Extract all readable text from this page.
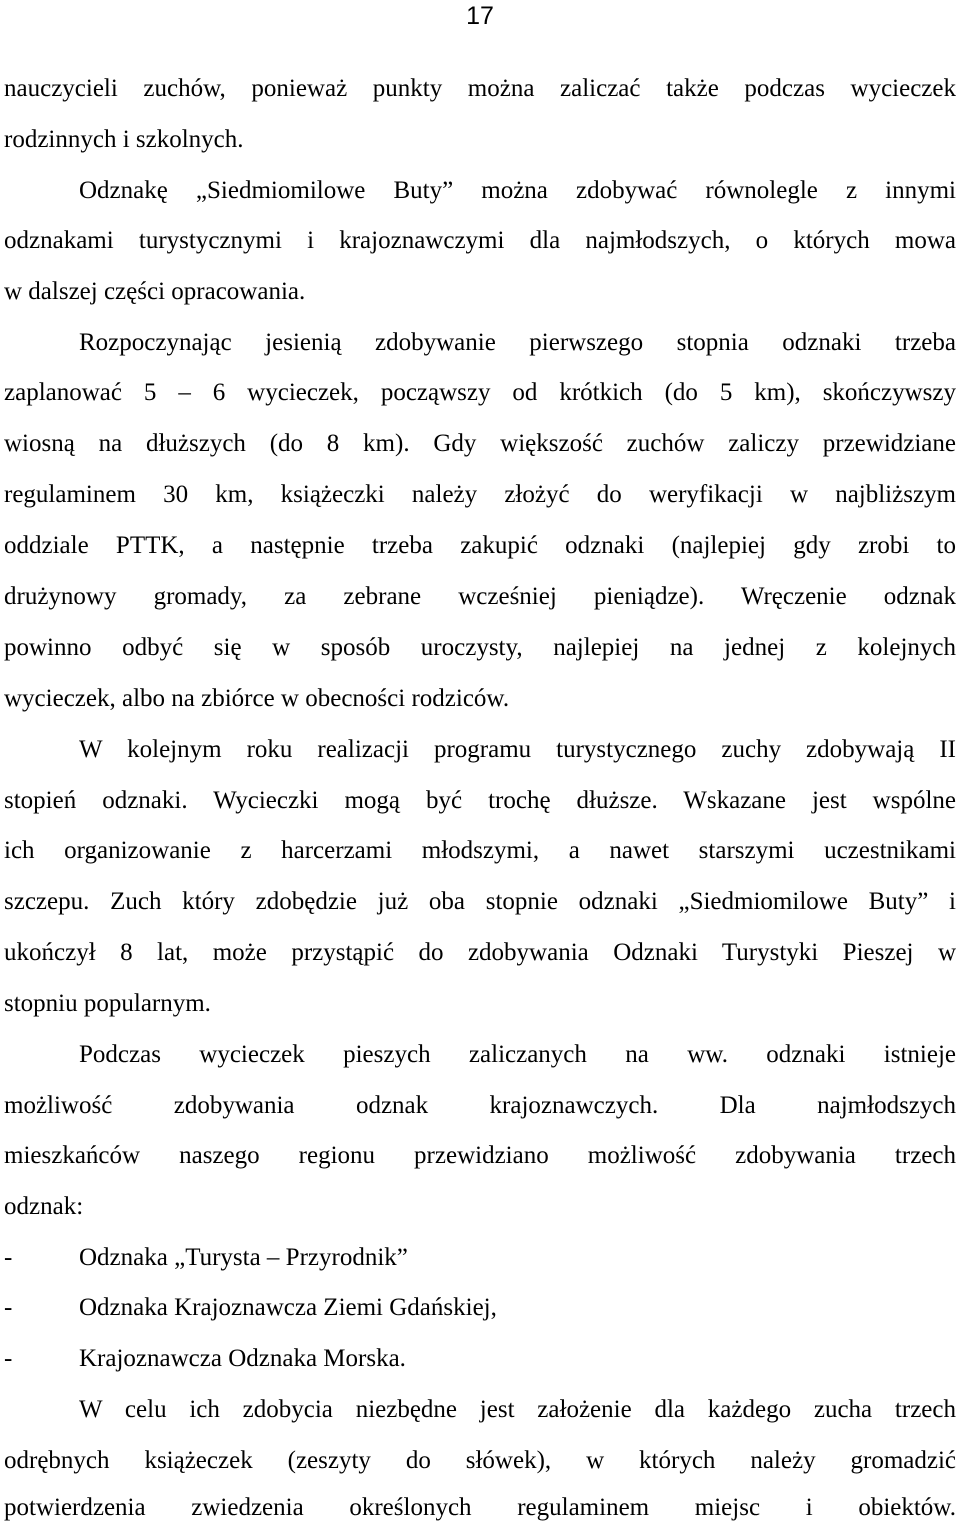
17
nauczycieli zuchów, ponieważ punkty można zaliczać także podczas wycieczek
rodzinnych i szkolnych.
Odznakę „Siedmiomilowe Buty” można zdobywać równolegle z innymi
odznakami turystycznymi i krajoznawczymi dla najmłodszych, o których mowa
w dalszej części opracowania.
Rozpoczynając jesienią zdobywanie pierwszego stopnia odznaki trzeba
zaplanować 5 – 6 wycieczek, począwszy od krótkich (do 5 km), skończywszy
wiosną na dłuższych (do 8 km). Gdy większość zuchów zaliczy przewidziane
regulaminem 30 km, książeczki należy złożyć do weryfikacji w najbliższym
oddziale PTTK, a następnie trzeba zakupić odznaki (najlepiej gdy zrobi to
drużynowy gromady, za zebrane wcześniej pieniądze). Wręczenie odznak
powinno odbyć się w sposób uroczysty, najlepiej na jednej z kolejnych
wycieczek, albo na zbiórce w obecności rodziców.
W kolejnym roku realizacji programu turystycznego zuchy zdobywają II
stopień odznaki. Wycieczki mogą być trochę dłuższe. Wskazane jest wspólne
ich organizowanie z harcerzami młodszymi, a nawet starszymi uczestnikami
szczepu. Zuch który zdobędzie już oba stopnie odznaki „Siedmiomilowe Buty” i
ukończył 8 lat, może przystąpić do zdobywania Odznaki Turystyki Pieszej w
stopniu popularnym.
Podczas wycieczek pieszych zaliczanych na ww. odznaki istnieje
możliwość zdobywania odznak krajoznawczych. Dla najmłodszych
mieszkańców naszego regionu przewidziano możliwość zdobywania trzech
odznak:
-	Odznaka „Turysta – Przyrodnik”
-	Odznaka Krajoznawcza Ziemi Gdańskiej,
-	Krajoznawcza Odznaka Morska.
W celu ich zdobycia niezbędne jest założenie dla każdego zucha trzech
odrębnych książeczek (zeszyty do słówek), w których należy gromadzić
potwierdzenia zwiedzenia określonych regulaminem miejsc i obiektów.
